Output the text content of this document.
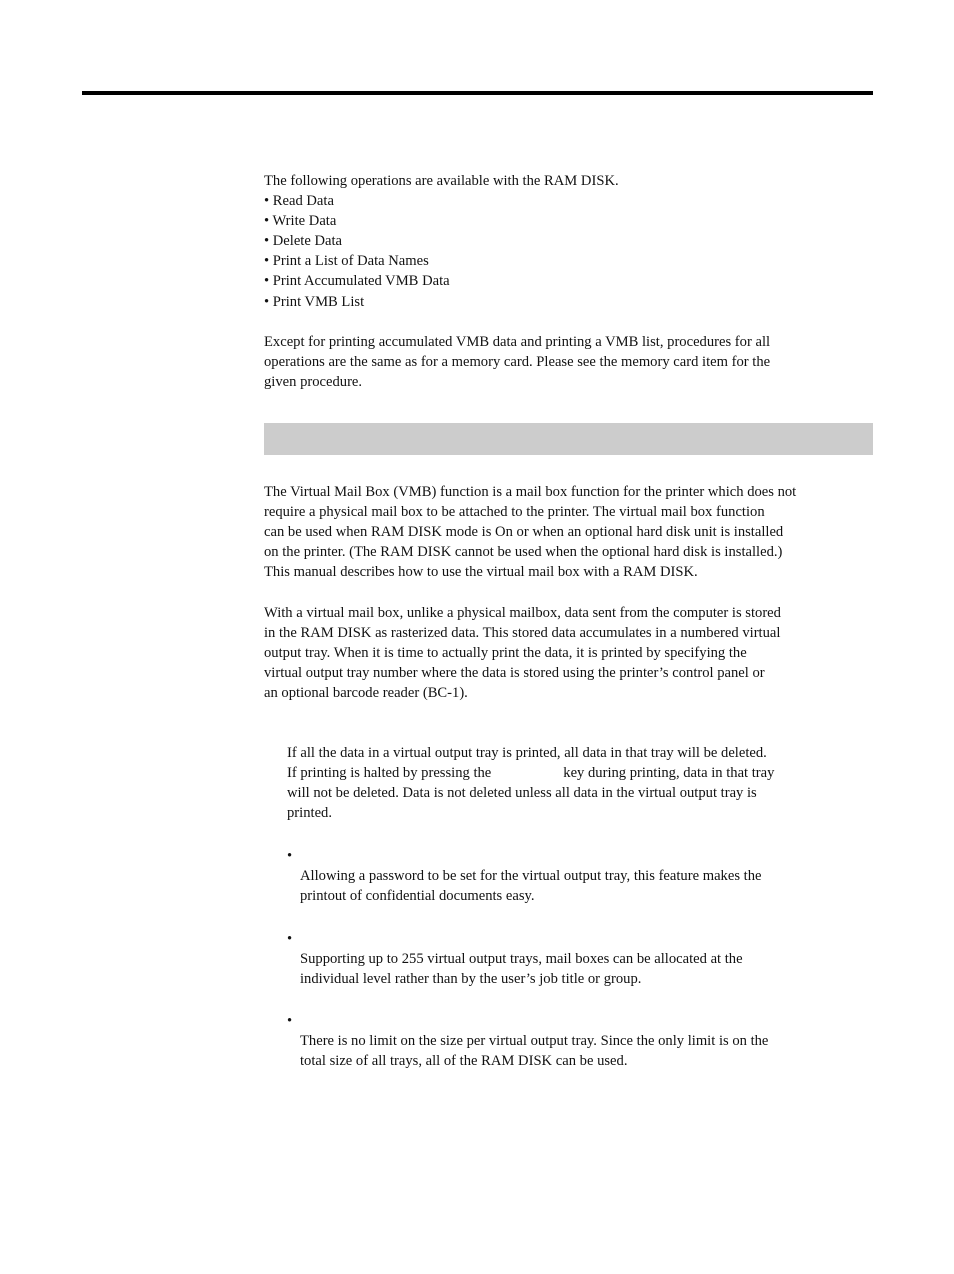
The following operations are available with the RAM DISK.
• Read Data
• Write Data
• Delete Data
• Print a List of Data Names
• Print Accumulated VMB Data
• Print VMB List
Except for printing accumulated VMB data and printing a VMB list, procedures for all
operations are the same as for a memory card. Please see the memory card item for the
given procedure.
The Virtual Mail Box (VMB) function is a mail box function for the printer which does not
require a physical mail box to be attached to the printer. The virtual mail box function
can be used when RAM DISK mode is On or when an optional hard disk unit is installed
on the printer. (The RAM DISK cannot be used when the optional hard disk is installed.)
This manual describes how to use the virtual mail box with a RAM DISK.
With a virtual mail box, unlike a physical mailbox, data sent from the computer is stored
in the RAM DISK as rasterized data. This stored data accumulates in a numbered virtual
output tray. When it is time to actually print the data, it is printed by specifying the
virtual output tray number where the data is stored using the printer’s control panel or
an optional barcode reader (BC-1).
If all the data in a virtual output tray is printed, all data in that tray will be deleted.
If printing is halted by pressing the	key during printing, data in that tray
will not be deleted. Data is not deleted unless all data in the virtual output tray is
printed.
•
Allowing a password to be set for the virtual output tray, this feature makes the
printout of confidential documents easy.
•
Supporting up to 255 virtual output trays, mail boxes can be allocated at the
individual level rather than by the user’s job title or group.
•
There is no limit on the size per virtual output tray. Since the only limit is on the
total size of all trays, all of the RAM DISK can be used.
